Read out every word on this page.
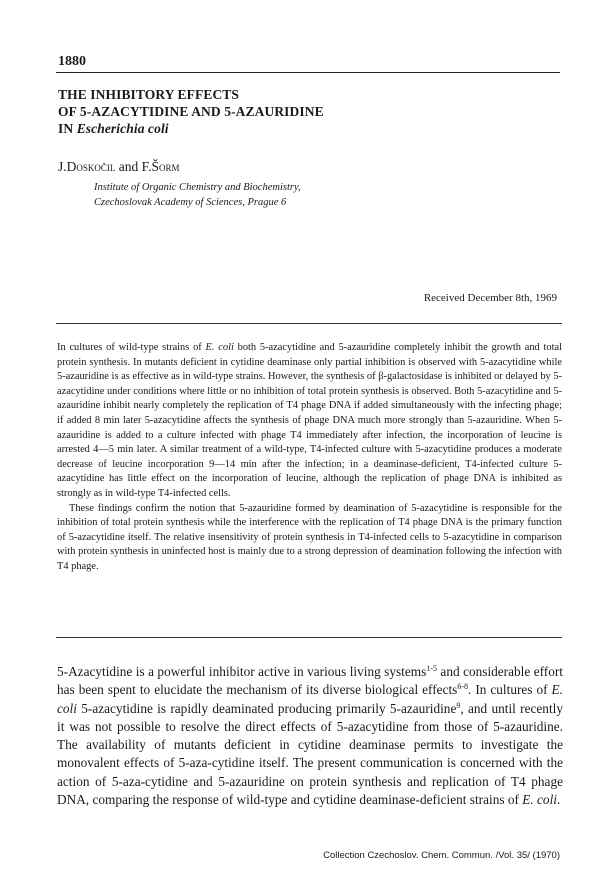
1880
THE INHIBITORY EFFECTS
OF 5-AZACYTIDINE AND 5-AZAURIDINE
IN Escherichia coli
J.Doskočil and F.Šorm
Institute of Organic Chemistry and Biochemistry,
Czechoslovak Academy of Sciences, Prague 6
Received December 8th, 1969

In cultures of wild-type strains of E. coli both 5-azacytidine and 5-azauridine completely inhibit the growth and total protein synthesis. In mutants deficient in cytidine deaminase only partial inhibition is observed with 5-azacytidine while 5-azauridine is as effective as in wild-type strains. However, the synthesis of β-galactosidase is inhibited or delayed by 5-azacytidine under conditions where little or no inhibition of total protein synthesis is observed. Both 5-azacytidine and 5-azauridine inhibit nearly completely the replication of T4 phage DNA if added simultaneously with the infecting phage; if added 8 min later 5-azacytidine affects the synthesis of phage DNA much more strongly than 5-azauridine. When 5-azauridine is added to a culture infected with phage T4 immediately after infection, the incorporation of leucine is arrested 4—5 min later. A similar treatment of a wild-type, T4-infected culture with 5-azacytidine produces a moderate decrease of leucine incorporation 9—14 min after the infection; in a deaminase-deficient, T4-infected culture 5-azacytidine has little effect on the incorporation of leucine, although the replication of phage DNA is inhibited as strongly as in wild-type T4-infected cells.

These findings confirm the notion that 5-azauridine formed by deamination of 5-azacytidine is responsible for the inhibition of total protein synthesis while the interference with the replication of T4 phage DNA is the primary function of 5-azacytidine itself. The relative insensitivity of protein synthesis in T4-infected cells to 5-azacytidine in comparison with protein synthesis in uninfected host is mainly due to a strong depression of deamination following the infection with T4 phage.

5-Azacytidine is a powerful inhibitor active in various living systems$^{1-5}$ and considerable effort has been spent to elucidate the mechanism of its diverse biological effects$^{6-8}$. In cultures of E. coli 5-azacytidine is rapidly deaminated producing primarily 5-azauridine$^9$, and until recently it was not possible to resolve the direct effects of 5-azacytidine from those of 5-azauridine. The availability of mutants deficient in cytidine deaminase permits to investigate the monovalent effects of 5-aza-cytidine itself. The present communication is concerned with the action of 5-aza-cytidine and 5-azauridine on protein synthesis and replication of T4 phage DNA, comparing the response of wild-type and cytidine deaminase-deficient strains of E. coli.

Collection Czechoslov. Chem. Commun. /Vol. 35/ (1970)
